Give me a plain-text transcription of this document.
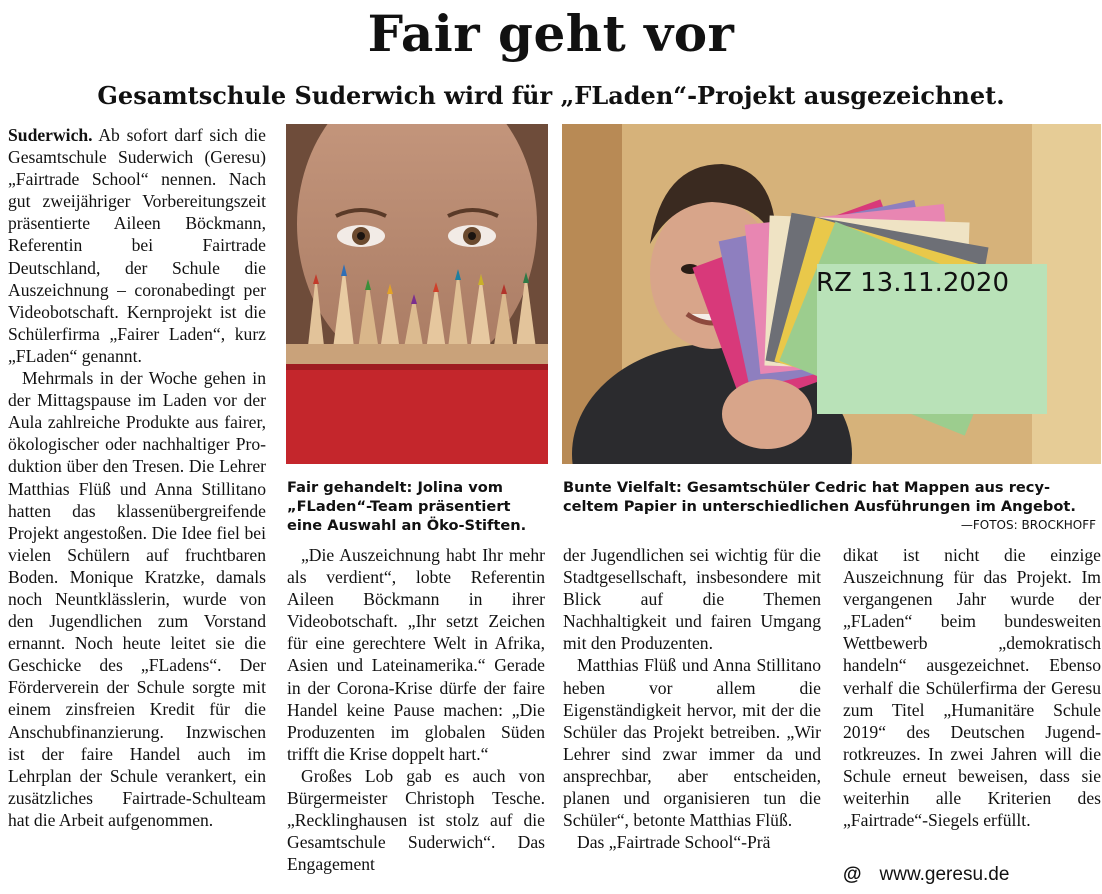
Fair geht vor
Gesamtschule Suderwich wird für „FLaden“-Projekt ausgezeichnet.

Suderwich. Ab sofort darf sich die Gesamtschule Suderwich (Geresu) „Fairtrade School“ nennen. Nach gut zweijähriger Vorbereitungszeit präsentierte Aileen Böckmann, Referentin bei Fairtrade Deutschland, der Schule die Auszeichnung – coronabedingt per Videobotschaft. Kernprojekt ist die Schülerfirma „Fairer Laden“, kurz „FLaden“ genannt.

Mehrmals in der Woche gehen in der Mittagspause im Laden vor der Aula zahlreiche Produkte aus fairer, ökologischer oder nachhaltiger Produktion über den Tresen. Die Lehrer Matthias Flüß und Anna Stillitano hatten das klassenübergreifende Projekt angestoßen. Die Idee fiel bei vielen Schülern auf fruchtbaren Boden. Monique Kratzke, damals noch Neuntklässlerin, wurde von den Jugendlichen zum Vorstand ernannt. Noch heute leitet sie die Geschicke des „FLadens“. Der Förderverein der Schule sorgte mit einem zinsfreien Kredit für die Anschubfinanzierung. Inzwischen ist der faire Handel auch im Lehrplan der Schule verankert, ein zusätzliches Fairtrade-Schulteam hat die Arbeit aufgenommen.

RZ 13.11.2020
Fair gehandelt: Jolina vom „FLaden“-Team präsentiert eine Auswahl an Öko-Stiften.
Bunte Vielfalt: Gesamtschüler Cedric hat Mappen aus recyceltem Papier in unterschiedlichen Ausführungen im Angebot.
—FOTOS: BROCKHOFF

„Die Auszeichnung habt Ihr mehr als verdient“, lobte Referentin Aileen Böckmann in ihrer Videobotschaft. „Ihr setzt Zeichen für eine gerechtere Welt in Afrika, Asien und Lateinamerika.“ Gerade in der Corona-Krise dürfe der faire Handel keine Pause machen: „Die Produzenten im globalen Süden trifft die Krise doppelt hart.“

Großes Lob gab es auch von Bürgermeister Christoph Tesche. „Recklinghausen ist stolz auf die Gesamtschule Suderwich“. Das Engagement

der Jugendlichen sei wichtig für die Stadtgesellschaft, insbesondere mit Blick auf die Themen Nachhaltigkeit und fairen Umgang mit den Produzenten.

Matthias Flüß und Anna Stillitano heben vor allem die Eigenständigkeit hervor, mit der die Schüler das Projekt betreiben. „Wir Lehrer sind zwar immer da und ansprechbar, aber entscheiden, planen und organisieren tun die Schüler“, betonte Matthias Flüß.

Das „Fairtrade School“-Prä

dikat ist nicht die einzige Auszeichnung für das Projekt. Im vergangenen Jahr wurde der „FLaden“ beim bundesweiten Wettbewerb „demokratisch handeln“ ausgezeichnet. Ebenso verhalf die Schülerfirma der Geresu zum Titel „Humanitäre Schule 2019“ des Deutschen Jugendrotkreuzes. In zwei Jahren will die Schule erneut beweisen, dass sie weiterhin alle Kriterien des „Fairtrade“-Siegels erfüllt.

@ www.geresu.de
